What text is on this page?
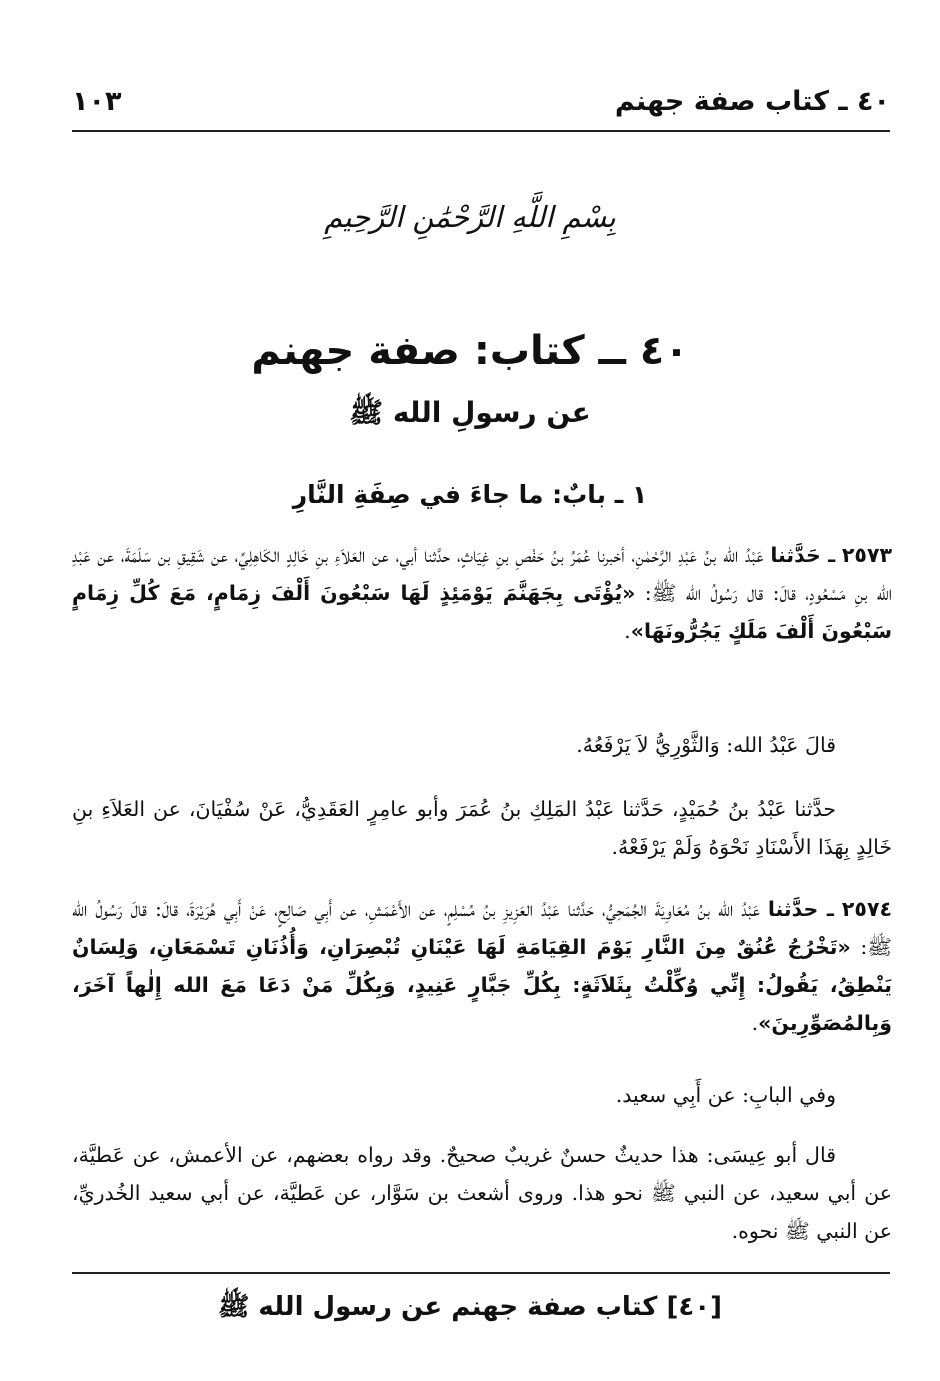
٤٠ ـ كتاب صفة جهنم
١٠٣
بِسْمِ اللَّهِ الرَّحْمَٰنِ الرَّحِيمِ
٤٠ ــ كتاب: صفة جهنم
عن رسولِ الله ﷺ
١ ـ بابٌ: ما جاءَ في صِفَةِ النَّارِ
٢٥٧٣ ـ حَدَّثنا عَبْدُ الله بنُ عَبْدِ الرَّحْمٰنِ، أخبرنا عُمَرُ بنُ حَفْصِ بنِ غِيَاثٍ، حدَّثنا أبي، عن العَلاَءِ بنِ خَالِدٍ الكَاهِلِيِّ، عن شَقِيقِ بن سَلَمَةَ، عن عَبْدِ الله بنِ مَسْعُودٍ، قالَ: قال رَسُولُ الله ﷺ: «يُؤْتَى بِجَهَنَّمَ يَوْمَئِذٍ لَهَا سَبْعُونَ أَلْفَ زِمَامٍ، مَعَ كُلِّ زِمَامٍ سَبْعُونَ أَلْفَ مَلَكٍ يَجُرُّونَهَا».
قالَ عَبْدُ الله: وَالثَّوْرِيُّ لاَ يَرْفَعُهُ.
حدَّثنا عَبْدُ بنُ حُمَيْدٍ، حَدَّثنا عَبْدُ المَلِكِ بنُ عُمَرَ وأبو عامِرٍ العَقَدِيُّ، عَنْ سُفْيَانَ، عن العَلاَءِ بنِ خَالِدٍ بِهَذَا الأَسْنَادِ نَحْوَهُ وَلَمْ يَرْفَعْهُ.
٢٥٧٤ ـ حدَّثنا عَبْدُ الله بنُ مُعَاوِيَةَ الجُمَحِيُّ، حَدَّثنا عَبْدُ العَزِيزِ بنُ مُسْلِمٍ، عن الأَعْمَشِ، عن أَبِي صَالِحٍ، عَنْ أَبِي هُرَيْرَةَ، قالَ: قالَ رَسُولُ الله ﷺ: «تَخْرُجُ عُنُقٌ مِنَ النَّارِ يَوْمَ القِيَامَةِ لَهَا عَيْنَانِ تُبْصِرَانِ، وَأُذُنَانِ تَسْمَعَانِ، وَلِسَانٌ يَنْطِقُ، يَقُولُ: إِنِّي وُكِّلْتُ بِثَلاَثَةٍ: بِكُلِّ جَبَّارٍ عَنِيدٍ، وَبِكُلِّ مَنْ دَعَا مَعَ الله إِلٰهاً آخَرَ، وَبِالمُصَوِّرِينَ».
وفي البابِ: عن أَبِي سعيد.
قال أبو عِيسَى: هذا حديثٌ حسنٌ غريبٌ صحيحٌ. وقد رواه بعضهم، عن الأعمش، عن عَطيَّة، عن أبي سعيد، عن النبي ﷺ نحو هذا. وروى أشعث بن سَوَّار، عن عَطيَّة، عن أبي سعيد الخُدريِّ، عن النبي ﷺ نحوه.
[٤٠] كتاب صفة جهنم عن رسول الله ﷺ
